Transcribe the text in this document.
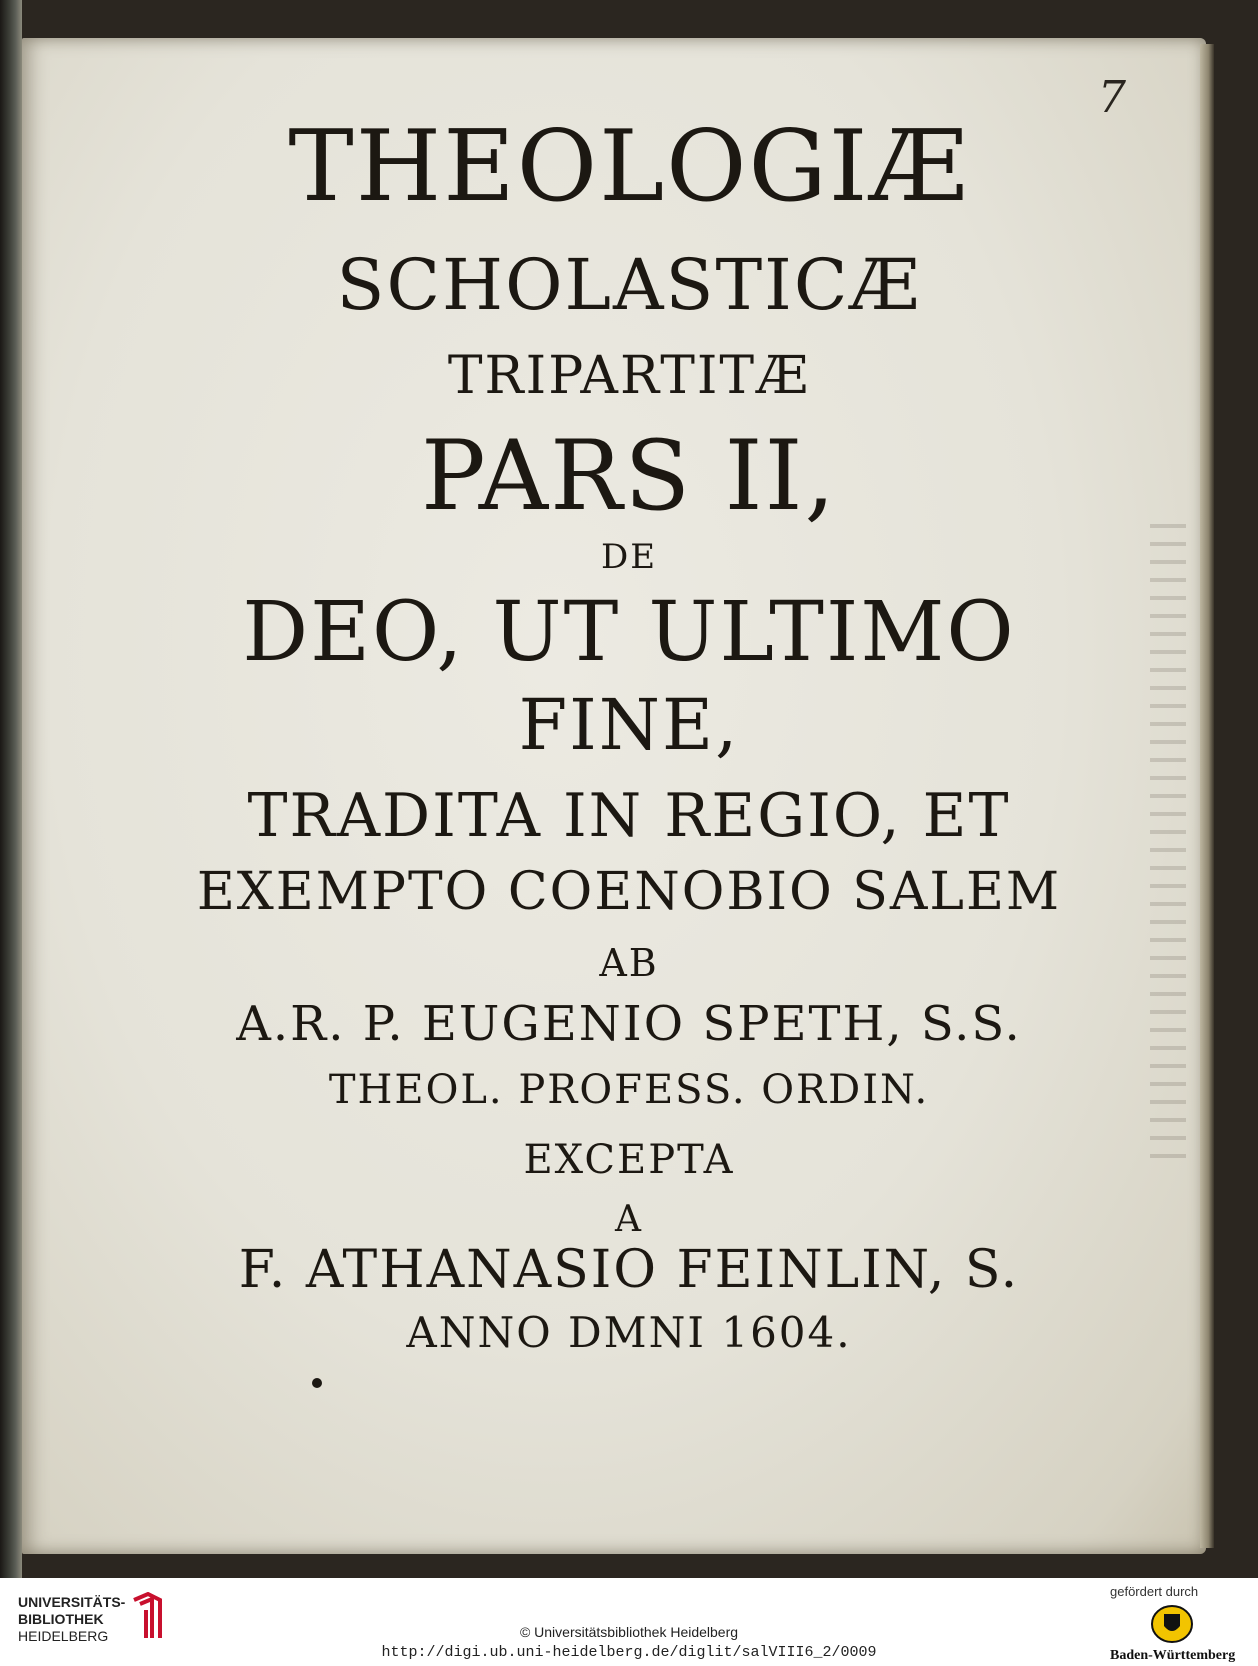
7
THEOLOGIÆ
SCHOLASTICÆ
TRIPARTITÆ
PARS II,
DE
DEO, UT ULTIMO
FINE,
TRADITA IN REGIO, ET
EXEMPTO COENOBIO SALEM
AB
A.R. P. EUGENIO SPETH, S.S.
THEOL. PROFESS. ORDIN.
EXCEPTA
A
F. ATHANASIO FEINLIN, S.
ANNO DMNI 1604.
UNIVERSITÄTS-
BIBLIOTHEK
HEIDELBERG	© Universitätsbibliothek Heidelberg
http://digi.ub.uni-heidelberg.de/diglit/salVIII6_2/0009
gefördert durch
Baden-Württemberg
